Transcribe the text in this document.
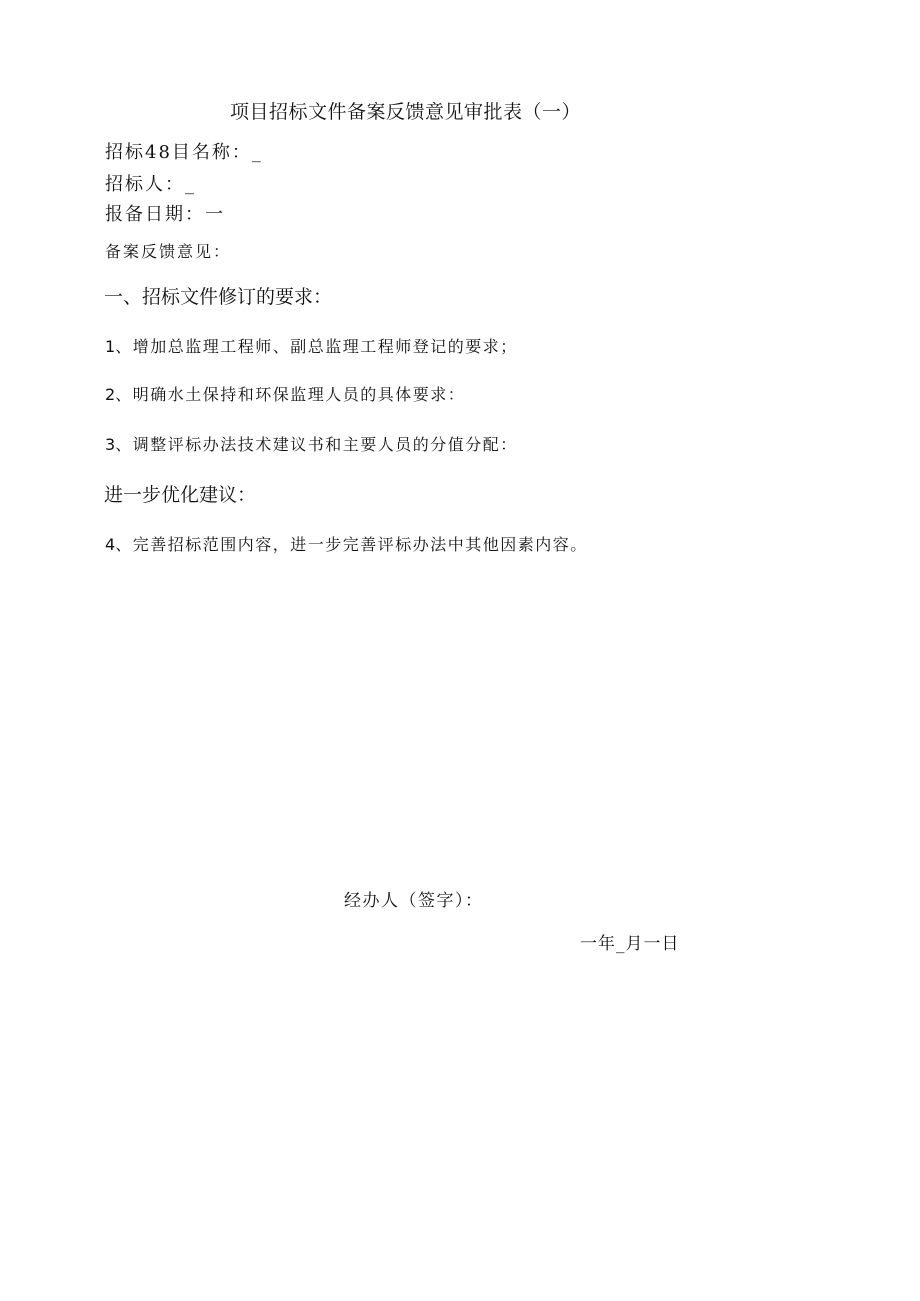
项目招标文件备案反馈意见审批表（一）
招标48目名称：_
招标人：_
报备日期：一
备案反馈意见：
一、招标文件修订的要求：
1、增加总监理工程师、副总监理工程师登记的要求；
2、明确水土保持和环保监理人员的具体要求：
3、调整评标办法技术建议书和主要人员的分值分配：
进一步优化建议：
4、完善招标范围内容，进一步完善评标办法中其他因素内容。
经办人（签字）：
一年_月一日
